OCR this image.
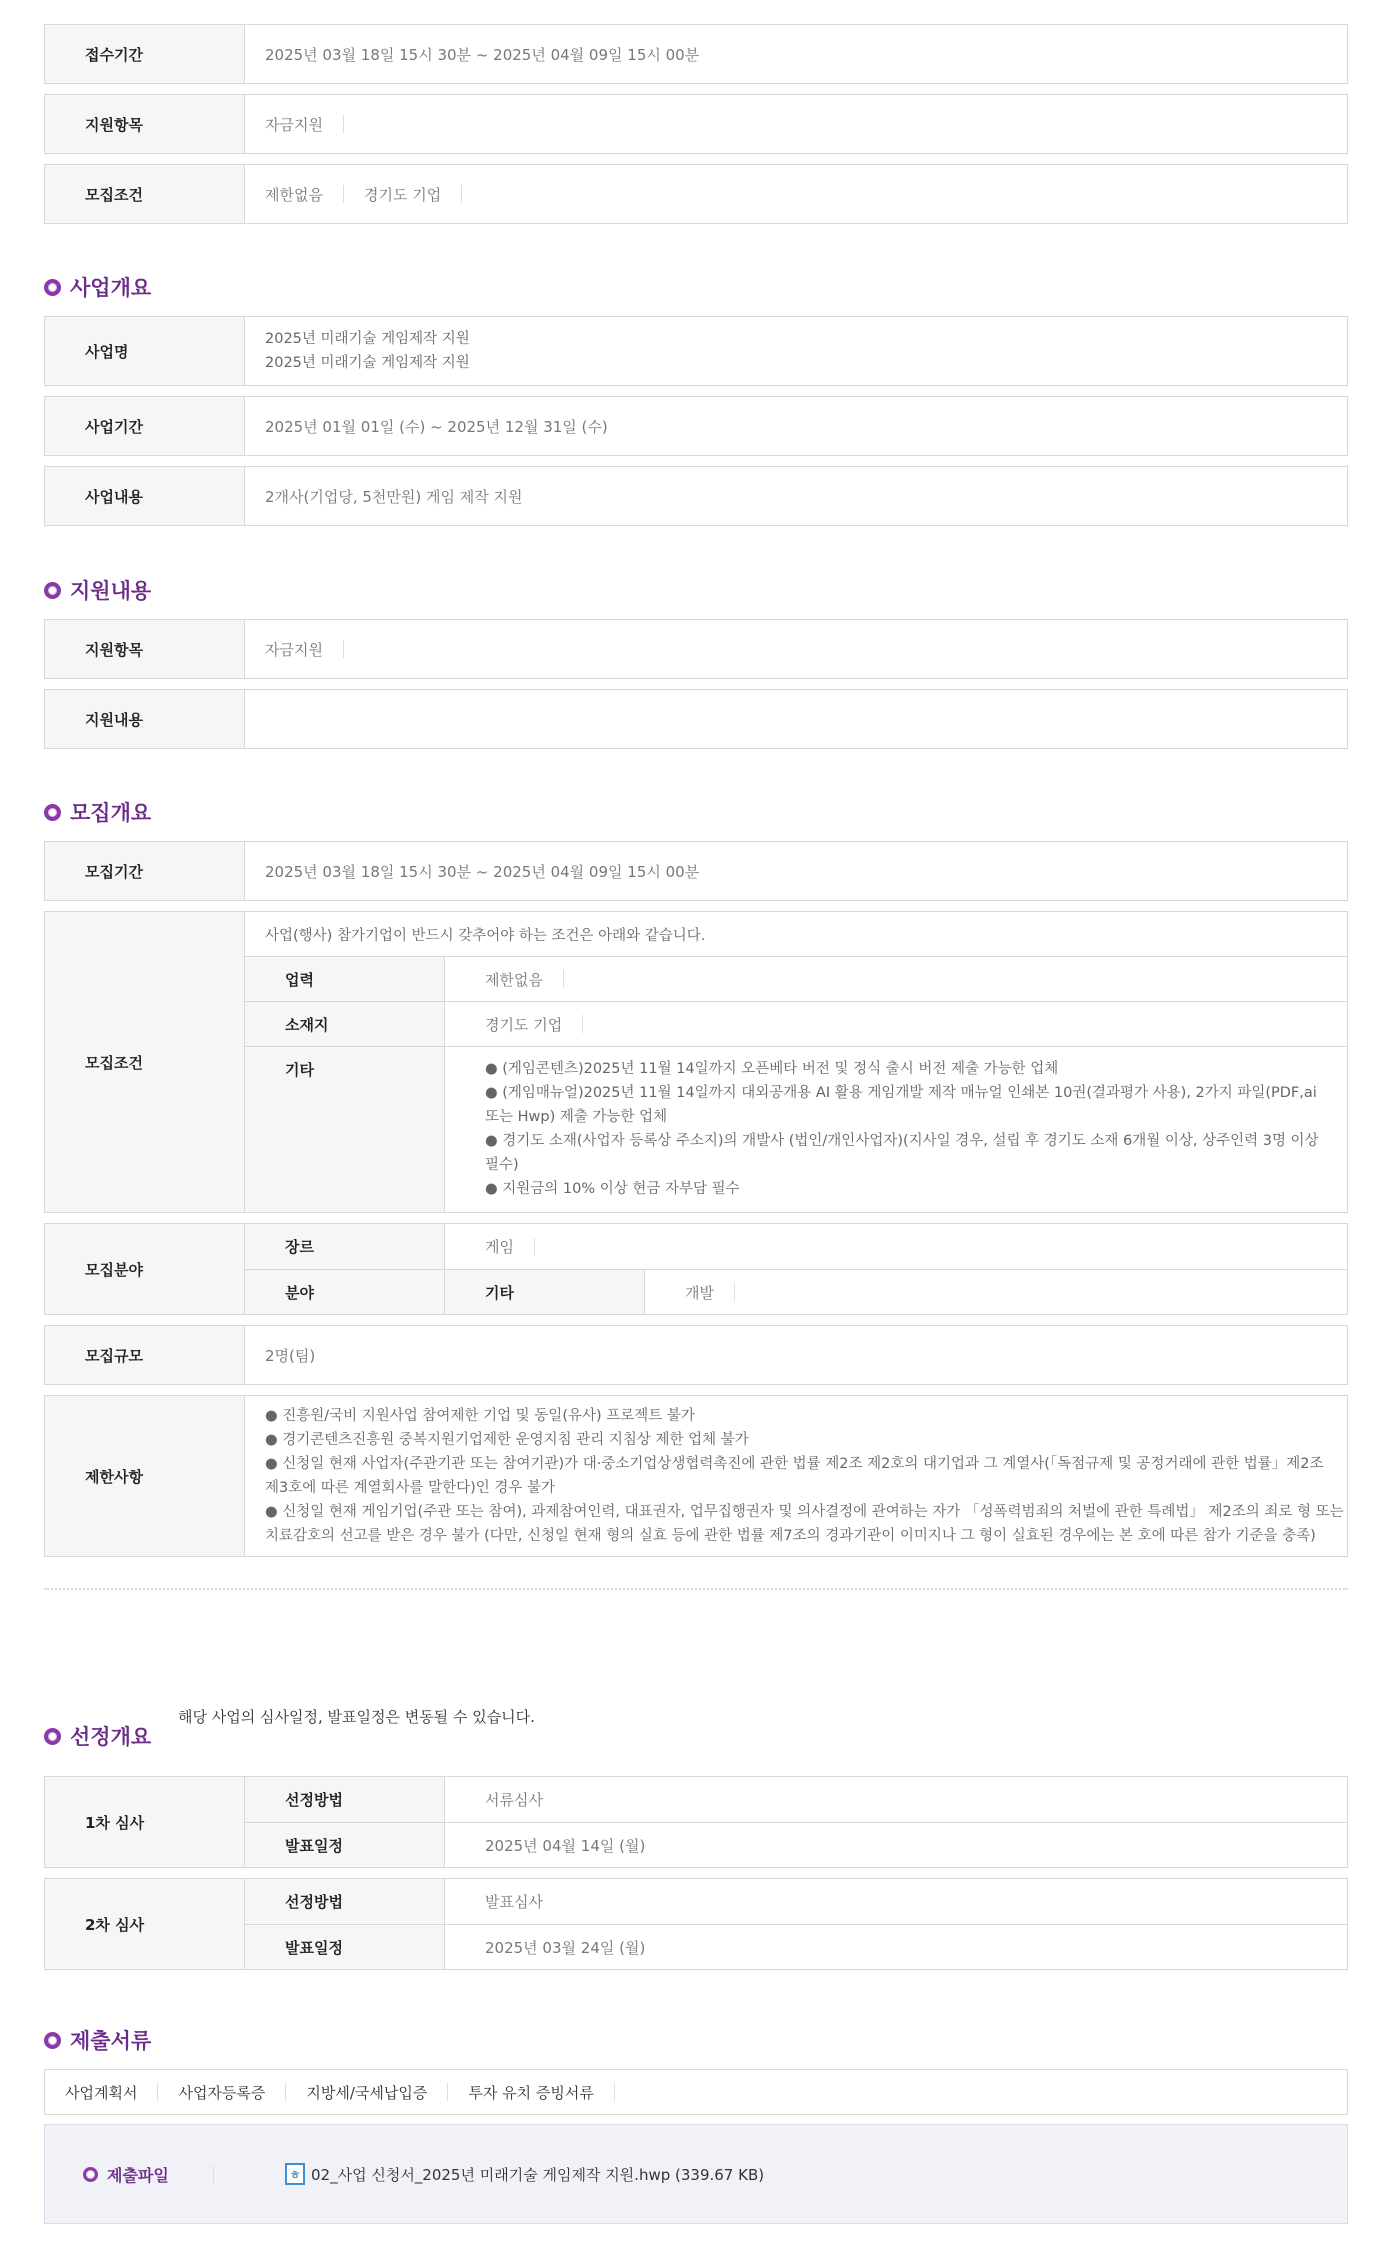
접수기간	2025년 03월 18일 15시 30분 ~ 2025년 04월 09일 15시 00분
지원항목	자금지원
모집조건	제한없음	경기도 기업
사업개요
사업명
2025년 미래기술 게임제작 지원
2025년 미래기술 게임제작 지원
사업기간	2025년 01월 01일 (수) ~ 2025년 12월 31일 (수)
사업내용	2개사(기업당, 5천만원) 게임 제작 지원
지원내용
지원항목	자금지원
지원내용
모집개요
모집기간	2025년 03월 18일 15시 30분 ~ 2025년 04월 09일 15시 00분
모집조건
사업(행사) 참가기업이 반드시 갖추어야 하는 조건은 아래와 같습니다.
업력	제한없음
소재지	경기도 기업
기타	● (게임콘텐츠)2025년 11월 14일까지 오픈베타 버전 및 정식 출시 버전 제출 가능한 업체
● (게임매뉴얼)2025년 11월 14일까지 대외공개용 AI 활용 게임개발 제작 매뉴얼 인쇄본 10권(결과평가 사용), 2가지 파일(PDF,ai
또는 Hwp) 제출 가능한 업체
● 경기도 소재(사업자 등록상 주소지)의 개발사 (법인/개인사업자)(지사일 경우, 설립 후 경기도 소재 6개월 이상, 상주인력 3명 이상
필수)
● 지원금의 10% 이상 현금 자부담 필수
모집분야
장르	게임
분야	기타	개발
모집규모	2명(팀)
제한사항
● 진흥원/국비 지원사업 참여제한 기업 및 동일(유사) 프로젝트 불가
● 경기콘텐츠진흥원 중복지원기업제한 운영지침 관리 지침상 제한 업체 불가
● 신청일 현재 사업자(주관기관 또는 참여기관)가 대·중소기업상생협력촉진에 관한 법률 제2조 제2호의 대기업과 그 계열사(「독점규제 및 공정거래에 관한 법률」제2조
제3호에 따른 계열회사를 말한다)인 경우 불가
● 신청일 현재 게임기업(주관 또는 참여), 과제참여인력, 대표권자, 업무집행권자 및 의사결정에 관여하는 자가 「성폭력범죄의 처벌에 관한 특례법」 제2조의 죄로 형 또는
치료감호의 선고를 받은 경우 불가 (다만, 신청일 현재 형의 실효 등에 관한 법률 제7조의 경과기관이 이미지나 그 형이 실효된 경우에는 본 호에 따른 참가 기준을 충족)
선정개요
해당 사업의 심사일정, 발표일정은 변동될 수 있습니다.
1차 심사
선정방법	서류심사
발표일정	2025년 04월 14일 (월)
2차 심사
선정방법	발표심사
발표일정	2025년 03월 24일 (월)
제출서류
사업계획서	사업자등록증	지방세/국세납입증	투자 유치 증빙서류
제출파일	ㅎ 02_사업 신청서_2025년 미래기술 게임제작 지원.hwp (339.67 KB)
